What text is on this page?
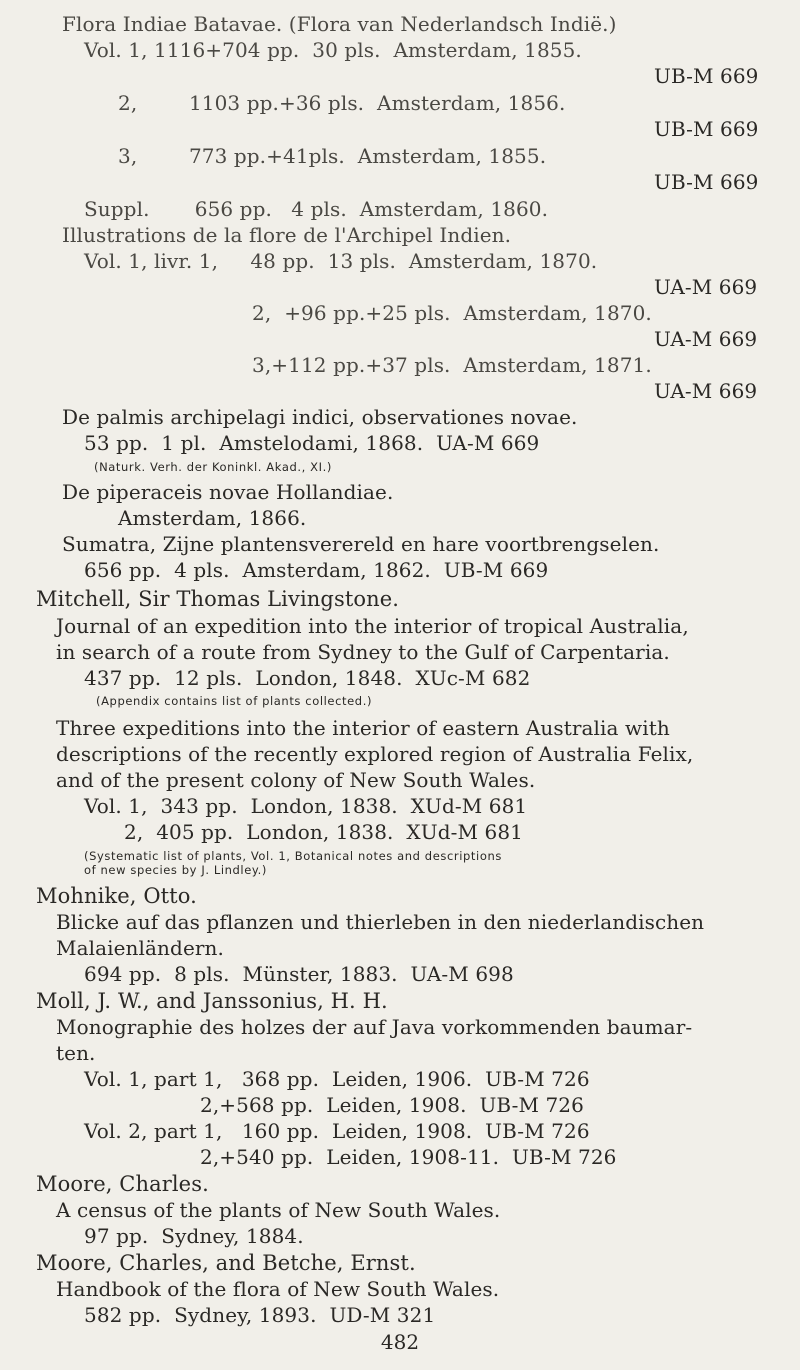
Flora Indiae Batavae. (Flora van Nederlandsch Indië.)
Vol. 1, 1116+704 pp.  30 pls.  Amsterdam, 1855.
UB-M 669
2,        1103 pp.+36 pls.  Amsterdam, 1856.
UB-M 669
3,        773 pp.+41pls.  Amsterdam, 1855.
UB-M 669
Suppl.       656 pp.   4 pls.  Amsterdam, 1860.
Illustrations de la flore de l'Archipel Indien.
Vol. 1, livr. 1,     48 pp.  13 pls.  Amsterdam, 1870.
UA-M 669
2,  +96 pp.+25 pls.  Amsterdam, 1870.
UA-M 669
3,+112 pp.+37 pls.  Amsterdam, 1871.
UA-M 669
De palmis archipelagi indici, observationes novae.
53 pp.  1 pl.  Amstelodami, 1868.  UA-M 669
(Naturk. Verh. der Koninkl. Akad., XI.)
De piperaceis novae Hollandiae.
Amsterdam, 1866.
Sumatra, Zijne plantensverereld en hare voortbrengselen.
656 pp.  4 pls.  Amsterdam, 1862.  UB-M 669
Mitchell, Sir Thomas Livingstone.
Journal of an expedition into the interior of tropical Australia,
in search of a route from Sydney to the Gulf of Carpentaria.
437 pp.  12 pls.  London, 1848.  XUc-M 682
(Appendix contains list of plants collected.)
Three expeditions into the interior of eastern Australia with
descriptions of the recently explored region of Australia Felix,
and of the present colony of New South Wales.
Vol. 1,  343 pp.  London, 1838.  XUd-M 681
2,  405 pp.  London, 1838.  XUd-M 681
(Systematic list of plants, Vol. 1, Botanical notes and descriptions
of new species by J. Lindley.)
Mohnike, Otto.
Blicke auf das pflanzen und thierleben in den niederlandischen
Malaienländern.
694 pp.  8 pls.  Münster, 1883.  UA-M 698
Moll, J. W., and Janssonius, H. H.
Monographie des holzes der auf Java vorkommenden baumar-
ten.
Vol. 1, part 1,   368 pp.  Leiden, 1906.  UB-M 726
2,+568 pp.  Leiden, 1908.  UB-M 726
Vol. 2, part 1,   160 pp.  Leiden, 1908.  UB-M 726
2,+540 pp.  Leiden, 1908-11.  UB-M 726
Moore, Charles.
A census of the plants of New South Wales.
97 pp.  Sydney, 1884.
Moore, Charles, and Betche, Ernst.
Handbook of the flora of New South Wales.
582 pp.  Sydney, 1893.  UD-M 321
482
